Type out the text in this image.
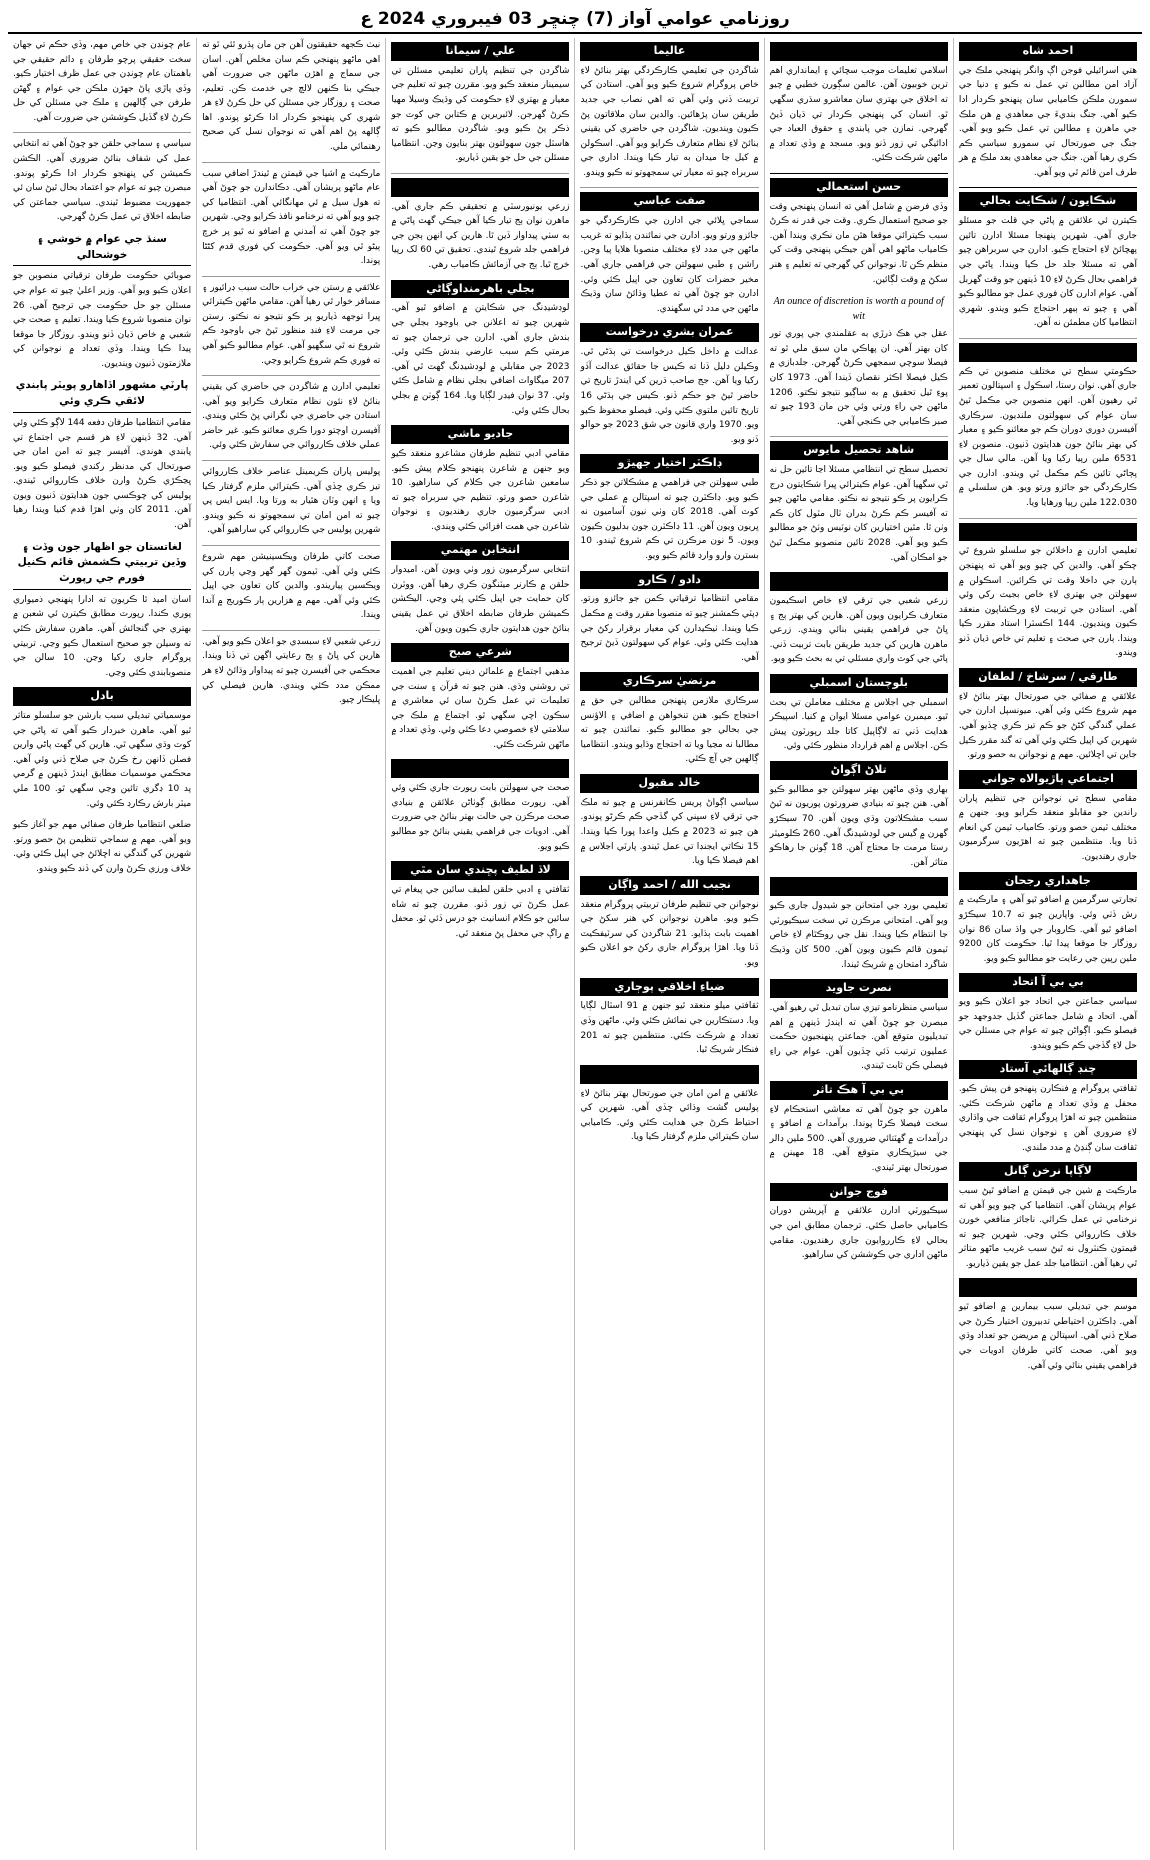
روزنامي عوامي آواز (7) چنڇر 03 فيبروري 2024 ع
احمد شاه
هتي اسرائيلي فوجن اڳ وانگر پنهنجي ملڪ جي آزاد امن مطالبن تي عمل نه ڪيو ۽ دنيا جي سمورن ملڪن ڪاميابي سان پنهنجو ڪردار ادا ڪيو آهي. جنگ بنديءَ جي معاهدي ۾ هن ملڪ جي ماهرن ۽ مطالبن تي عمل ڪيو ويو آهي. جنگ جي صورتحال تي سمورو سياسي ڪم ڪري رهيا آهن. جنگ جي معاهدي بعد ملڪ ۾ هر طرف امن قائم ٿي ويو آهي.
شڪايون / شڪايت بحالي
ڪيترن ئي علائقن ۾ پاڻي جي قلت جو مسئلو جاري آهي. شهرين پنهنجا مسئلا ادارن تائين پهچائڻ لاءِ احتجاج ڪيو. ادارن جي سربراهن چيو آهي ته مسئلا جلد حل ڪيا ويندا. پاڻي جي فراهمي بحال ڪرڻ لاءِ 10 ڏينهن جو وقت گهربل آهي. عوام ادارن کان فوري عمل جو مطالبو ڪيو آهي ۽ چيو ته ٻيهر احتجاج ڪيو ويندو. شهري انتظاميا کان مطمئن نه آهن.

حڪومتي سطح تي مختلف منصوبن تي ڪم جاري آهي. نوان رستا، اسڪول ۽ اسپتالون تعمير ٿي رهيون آهن. انهن منصوبن جي مڪمل ٿيڻ سان عوام کي سهولتون ملنديون. سرڪاري آفيسرن دوري دوران ڪم جو معائنو ڪيو ۽ معيار کي بهتر بنائڻ جون هدايتون ڏنيون. منصوبن لاءِ 6531 ملين رپيا رکيا ويا آهن. مالي سال جي پڄاڻي تائين ڪم مڪمل ٿي ويندو. ادارن جي ڪارڪردگي جو جائزو ورتو ويو. هن سلسلي ۾ 122.030 ملين رپيا ورهايا ويا.

تعليمي ادارن ۾ داخلائن جو سلسلو شروع ٿي چڪو آهي. والدين کي چيو ويو آهي ته پنهنجن ٻارن جي داخلا وقت تي ڪرائين. اسڪولن ۾ سهولتن جي بهتري لاءِ خاص بجيٽ رکي وئي آهي. استادن جي تربيت لاءِ ورڪشاپون منعقد ڪيون وينديون. 144 اڪسٽرا استاد مقرر ڪيا ويندا. ٻارن جي صحت ۽ تعليم تي خاص ڌيان ڏنو ويندو.
طارقي / سرشاخ / لطفان
علائقي ۾ صفائي جي صورتحال بهتر بنائڻ لاءِ مهم شروع ڪئي وئي آهي. ميونسپل ادارن جي عملي گندگي کڻڻ جو ڪم تيز ڪري ڇڏيو آهي. شهرين کي اپيل ڪئي وئي آهي ته گند مقرر ڪيل جاين تي اڇلائين. مهم ۾ نوجوانن به حصو ورتو.
اجتماعي پاڙيوالاه جواني
مقامي سطح تي نوجوانن جي تنظيم پاران راندين جو مقابلو منعقد ڪرايو ويو. جنهن ۾ مختلف ٽيمن حصو ورتو. ڪامياب ٽيمن کي انعام ڏنا ويا. منتظمين چيو ته اهڙيون سرگرميون جاري رهنديون.
جاهداري رجحان
تجارتي سرگرمين ۾ اضافو ٿيو آهي ۽ مارڪيٽ ۾ رش ڏٺي وئي. واپارين چيو ته 10.7 سيڪڙو اضافو ٿيو آهي. ڪاروبار جي واڌ سان 86 نوان روزگار جا موقعا پيدا ٿيا. حڪومت کان 9200 ملين رپين جي رعايت جو مطالبو ڪيو ويو.
بي بي آ اتحاد
سياسي جماعتن جي اتحاد جو اعلان ڪيو ويو آهي. اتحاد ۾ شامل جماعتن گڏيل جدوجهد جو فيصلو ڪيو. اڳواڻن چيو ته عوام جي مسئلن جي حل لاءِ گڏجي ڪم ڪيو ويندو.
چنڊ ڳالهائي آستاد
ثقافتي پروگرام ۾ فنڪارن پنهنجو فن پيش ڪيو. محفل ۾ وڏي تعداد ۾ ماڻهن شرڪت ڪئي. منتظمين چيو ته اهڙا پروگرام ثقافت جي واڌاري لاءِ ضروري آهن ۽ نوجوان نسل کي پنهنجي ثقافت سان ڳنڍڻ ۾ مدد ملندي.
لاڳاپا نرخن ڳانل
مارڪيٽ ۾ شين جي قيمتن ۾ اضافو ٿيڻ سبب عوام پريشان آهي. انتظاميا کي چيو ويو آهي ته نرخنامي تي عمل ڪرائي. ناجائز منافعي خورن خلاف ڪارروائي ڪئي وڃي. شهرين چيو ته قيمتون ڪنٽرول نه ٿيڻ سبب غريب ماڻهو متاثر ٿي رهيا آهن. انتظاميا جلد عمل جو يقين ڏياريو.

موسم جي تبديلي سبب بيمارين ۾ اضافو ٿيو آهي. ڊاڪٽرن احتياطي تدبيرون اختيار ڪرڻ جي صلاح ڏني آهي. اسپتالن ۾ مريضن جو تعداد وڌي ويو آهي. صحت کاتي طرفان ادويات جي فراهمي يقيني بنائي وئي آهي.

اسلامي تعليمات موجب سچائي ۽ ايمانداري اهم ترين خوبيون آهن. عالمن سڳورن خطبي ۾ چيو ته اخلاق جي بهتري سان معاشرو سڌري سگهي ٿو. انسان کي پنهنجي ڪردار تي ڌيان ڏيڻ گهرجي. نمازن جي پابندي ۽ حقوق العباد جي ادائيگي تي زور ڏنو ويو. مسجد ۾ وڏي تعداد ۾ ماڻهن شرڪت ڪئي.
حسن استعمالي
وڏي فرضن ۾ شامل آهي ته انسان پنهنجي وقت جو صحيح استعمال ڪري. وقت جي قدر نه ڪرڻ سبب ڪيترائي موقعا هٿن مان نڪري ويندا آهن. ڪامياب ماڻهو اهي آهن جيڪي پنهنجي وقت کي منظم ڪن ٿا. نوجوانن کي گهرجي ته تعليم ۽ هنر سکڻ ۾ وقت لڳائين.
An ounce of discretion is worth a pound of wit
عقل جي هڪ ذرڙي به عقلمندي جي پوري تور کان بهتر آهي. ان پهاڪي مان سبق ملي ٿو ته فيصلا سوچي سمجهي ڪرڻ گهرجن. جلدبازي ۾ ڪيل فيصلا اڪثر نقصان ڏيندا آهن. 1973 کان پوءِ ٿيل تحقيق ۾ به ساڳيو نتيجو نڪتو. 1206 ماڻهن جي راءِ ورتي وئي جن مان 193 چيو ته صبر ڪاميابي جي ڪنجي آهي.
شاهد تحصيل مايوس
تحصيل سطح تي انتظامي مسئلا اڃا تائين حل نه ٿي سگهيا آهن. عوام ڪيترائي ڀيرا شڪايتون درج ڪرايون پر ڪو نتيجو نه نڪتو. مقامي ماڻهن چيو ته آفيسر ڪم ڪرڻ بدران ٽال مٽول کان ڪم وٺن ٿا. مٿين اختيارين کان نوٽيس وٺڻ جو مطالبو ڪيو ويو آهي. 2028 تائين منصوبو مڪمل ٿيڻ جو امڪان آهي.

زرعي شعبي جي ترقي لاءِ خاص اسڪيمون متعارف ڪرايون ويون آهن. هارين کي بهتر ٻج ۽ ڀاڻ جي فراهمي يقيني بنائي ويندي. زرعي ماهرن هارين کي جديد طريقن بابت تربيت ڏني. پاڻي جي کوٽ واري مسئلي تي به بحث ڪيو ويو.
بلوچستان اسمبلي
اسمبلي جي اجلاس ۾ مختلف معاملن تي بحث ٿيو. ميمبرن عوامي مسئلا ايوان ۾ کنيا. اسپيڪر هدايت ڏني ته لاڳاپيل کاتا جلد رپورٽون پيش ڪن. اجلاس ۾ اهم قرارداد منظور ڪئي وئي.
تلاڻ اڳواڻ
بهاري وڏي ماڻهن بهتر سهولتن جو مطالبو ڪيو آهي. هنن چيو ته بنيادي ضرورتون پوريون نه ٿيڻ سبب مشڪلاتون وڌي ويون آهن. 70 سيڪڙو گهرن ۾ گيس جي لوڊشيڊنگ آهي. 260 ڪلوميٽر رستا مرمت جا محتاج آهن. 18 ڳوٺن جا رهاڪو متاثر آهن.

تعليمي بورڊ جي امتحانن جو شيڊول جاري ڪيو ويو آهي. امتحاني مرڪزن تي سخت سيڪيورٽي جا انتظام ڪيا ويندا. نقل جي روڪٿام لاءِ خاص ٽيمون قائم ڪيون ويون آهن. 500 کان وڌيڪ شاگرد امتحان ۾ شريڪ ٿيندا.
نصرت جاويد
سياسي منظرنامو تيزي سان تبديل ٿي رهيو آهي. مبصرن جو چوڻ آهي ته ايندڙ ڏينهن ۾ اهم تبديليون متوقع آهن. جماعتن پنهنجيون حڪمت عمليون ترتيب ڏئي ڇڏيون آهن. عوام جي راءِ فيصلي ڪن ثابت ٿيندي.
بي بي آ هڪ تاثر
ماهرن جو چوڻ آهي ته معاشي استحڪام لاءِ سخت فيصلا ڪرڻا پوندا. برآمدات ۾ اضافو ۽ درآمدات ۾ گهٽتائي ضروري آهي. 500 ملين ڊالر جي سيڙپڪاري متوقع آهي. 18 مهينن ۾ صورتحال بهتر ٿيندي.
فوج جوانن
سيڪيورٽي ادارن علائقي ۾ آپريشن دوران ڪاميابي حاصل ڪئي. ترجمان مطابق امن جي بحالي لاءِ ڪارروايون جاري رهنديون. مقامي ماڻهن اداري جي ڪوششن کي ساراهيو.
عاليما
شاگردن جي تعليمي ڪارڪردگي بهتر بنائڻ لاءِ خاص پروگرام شروع ڪيو ويو آهي. استادن کي تربيت ڏني وئي آهي ته اهي نصاب جي جديد طريقن سان پڙهائين. والدين سان ملاقاتون پڻ ڪيون وينديون. شاگردن جي حاضري کي يقيني بنائڻ لاءِ نظام متعارف ڪرايو ويو آهي. اسڪولن ۾ کيل جا ميدان به تيار ڪيا ويندا. اداري جي سربراه چيو ته معيار تي سمجهوتو نه ڪيو ويندو.
صفت عباسي
سماجي ڀلائي جي ادارن جي ڪارڪردگي جو جائزو ورتو ويو. ادارن جي نمائندن ٻڌايو ته غريب ماڻهن جي مدد لاءِ مختلف منصوبا هلايا پيا وڃن. راشن ۽ طبي سهولتن جي فراهمي جاري آهي. مخير حضرات کان تعاون جي اپيل ڪئي وئي. ادارن جو چوڻ آهي ته عطيا وڌائڻ سان وڌيڪ ماڻهن جي مدد ٿي سگهندي.
عمران بشري درخواست
عدالت ۾ داخل ڪيل درخواست تي ٻڌڻي ٿي. وڪيلن دليل ڏنا ته ڪيس جا حقائق عدالت آڏو رکيا ويا آهن. جج صاحب ڌرين کي ايندڙ تاريخ تي حاضر ٿيڻ جو حڪم ڏنو. ڪيس جي ٻڌڻي 16 تاريخ تائين ملتوي ڪئي وئي. فيصلو محفوظ ڪيو ويو. 1970 واري قانون جي شق 2023 جو حوالو ڏنو ويو.
ڊاڪٽر اختيار جهيڙو
طبي سهولتن جي فراهمي ۾ مشڪلاتن جو ذڪر ڪيو ويو. ڊاڪٽرن چيو ته اسپتالن ۾ عملي جي کوٽ آهي. 2018 کان وٺي نيون آساميون نه ڀريون ويون آهن. 11 ڊاڪٽرن جون بدليون ڪيون ويون. 5 نون مرڪزن تي ڪم شروع ٿيندو. 10 بسترن وارو وارڊ قائم ڪيو ويو.
دادو / ڪارو
مقامي انتظاميا ترقياتي ڪمن جو جائزو ورتو. ڊپٽي ڪمشنر چيو ته منصوبا مقرر وقت ۾ مڪمل ڪيا ويندا. ٺيڪيدارن کي معيار برقرار رکڻ جي هدايت ڪئي وئي. عوام کي سهولتون ڏيڻ ترجيح آهي.
مرتضيٰ سرڪاري
سرڪاري ملازمن پنهنجن مطالبن جي حق ۾ احتجاج ڪيو. هنن تنخواهن ۾ اضافي ۽ الاؤنس جي بحالي جو مطالبو ڪيو. نمائندن چيو ته مطالبا نه مڃيا ويا ته احتجاج وڌايو ويندو. انتظاميا ڳالهين جي آڇ ڪئي.
خالد مقبول
سياسي اڳواڻ پريس ڪانفرنس ۾ چيو ته ملڪ جي ترقي لاءِ سڀني کي گڏجي ڪم ڪرڻو پوندو. هن چيو ته 2023 ۾ ڪيل واعدا پورا ڪيا ويندا. 15 نڪاتي ايجنڊا تي عمل ٿيندو. پارٽي اجلاس ۾ اهم فيصلا ڪيا ويا.
نجيب الله / احمد واڳان
نوجوانن جي تنظيم طرفان تربيتي پروگرام منعقد ڪيو ويو. ماهرن نوجوانن کي هنر سکڻ جي اهميت بابت ٻڌايو. 21 شاگردن کي سرٽيفڪيٽ ڏنا ويا. اهڙا پروگرام جاري رکڻ جو اعلان ڪيو ويو.
ضياءِ اخلاقي پوڄاري
ثقافتي ميلو منعقد ٿيو جنهن ۾ 91 اسٽال لڳايا ويا. دستڪارين جي نمائش ڪئي وئي. ماڻهن وڏي تعداد ۾ شرڪت ڪئي. منتظمين چيو ته 201 فنڪار شريڪ ٿيا.

علائقي ۾ امن امان جي صورتحال بهتر بنائڻ لاءِ پوليس گشت وڌائي ڇڏي آهي. شهرين کي احتياط ڪرڻ جي هدايت ڪئي وئي. ڪاميابي سان ڪيترائي ملزم گرفتار ڪيا ويا.
علي / سيمانا
شاگردن جي تنظيم پاران تعليمي مسئلن تي سيمينار منعقد ڪيو ويو. مقررن چيو ته تعليم جي معيار ۾ بهتري لاءِ حڪومت کي وڌيڪ وسيلا مهيا ڪرڻ گهرجن. لائبريرين ۾ ڪتابن جي کوٽ جو ذڪر پڻ ڪيو ويو. شاگردن مطالبو ڪيو ته هاسٽل جون سهولتون بهتر بنايون وڃن. انتظاميا مسئلن جي حل جو يقين ڏياريو.

زرعي يونيورسٽي ۾ تحقيقي ڪم جاري آهي. ماهرن نوان ٻج تيار ڪيا آهن جيڪي گهٽ پاڻي ۾ به سٺي پيداوار ڏين ٿا. هارين کي انهن ٻجن جي فراهمي جلد شروع ٿيندي. تحقيق تي 60 لک رپيا خرچ ٿيا. ٻج جي آزمائش ڪامياب رهي.
بجلي باهرمنداوڳاڻي
لوڊشيڊنگ جي شڪايتن ۾ اضافو ٿيو آهي. شهرين چيو ته اعلانن جي باوجود بجلي جي بندش جاري آهي. ادارن جي ترجمان چيو ته مرمتي ڪم سبب عارضي بندش ڪئي وئي. 2023 جي مقابلي ۾ لوڊشيڊنگ گهٽ ٿي آهي. 207 ميگاواٽ اضافي بجلي نظام ۾ شامل ڪئي وئي. 37 نوان فيڊر لڳايا ويا. 164 ڳوٺن ۾ بجلي بحال ڪئي وئي.
جاديو ماشي
مقامي ادبي تنظيم طرفان مشاعرو منعقد ڪيو ويو جنهن ۾ شاعرن پنهنجو ڪلام پيش ڪيو. سامعين شاعرن جي ڪلام کي ساراهيو. 10 شاعرن حصو ورتو. تنظيم جي سربراه چيو ته ادبي سرگرميون جاري رهنديون ۽ نوجوان شاعرن جي همت افزائي ڪئي ويندي.
انتخابن مهتمي
انتخابي سرگرميون زور وٺي ويون آهن. اميدوار حلقن ۾ ڪارنر ميٽنگون ڪري رهيا آهن. ووٽرن کان حمايت جي اپيل ڪئي پئي وڃي. اليڪشن ڪميشن طرفان ضابطه اخلاق تي عمل يقيني بنائڻ جون هدايتون جاري ڪيون ويون آهن.
شرعي صبح
مذهبي اجتماع ۾ علمائن ديني تعليم جي اهميت تي روشني وڌي. هنن چيو ته قرآن ۽ سنت جي تعليمات تي عمل ڪرڻ سان ئي معاشري ۾ سڪون اچي سگهي ٿو. اجتماع ۾ ملڪ جي سلامتي لاءِ خصوصي دعا ڪئي وئي. وڏي تعداد ۾ ماڻهن شرڪت ڪئي.

صحت جي سهولتن بابت رپورٽ جاري ڪئي وئي آهي. رپورٽ مطابق ڳوٺاڻن علائقن ۾ بنيادي صحت مرڪزن جي حالت بهتر بنائڻ جي ضرورت آهي. ادويات جي فراهمي يقيني بنائڻ جو مطالبو ڪيو ويو.
لاڏ لطيف پڇندي سان مٿي
ثقافتي ۽ ادبي حلقن لطيف سائين جي پيغام تي عمل ڪرڻ تي زور ڏنو. مقررن چيو ته شاه سائين جو ڪلام انسانيت جو درس ڏئي ٿو. محفل ۾ راڳ جي محفل پڻ منعقد ٿي.
نيٺ ڪجهه حقيقتون آهن جن مان پڌرو ٿئي ٿو ته اهي ماڻهو پنهنجي ڪم سان مخلص آهن. اسان جي سماج ۾ اهڙن ماڻهن جي ضرورت آهي جيڪي بنا ڪنهن لالچ جي خدمت ڪن. تعليم، صحت ۽ روزگار جي مسئلن کي حل ڪرڻ لاءِ هر شهري کي پنهنجو ڪردار ادا ڪرڻو پوندو. اها ڳالهه پڻ اهم آهي ته نوجوان نسل کي صحيح رهنمائي ملي.
مارڪيٽ ۾ اشيا جي قيمتن ۾ ٿيندڙ اضافي سبب عام ماڻهو پريشان آهي. دڪاندارن جو چوڻ آهي ته هول سيل ۾ ئي مهانگائي آهي. انتظاميا کي چيو ويو آهي ته نرخنامو نافذ ڪرايو وڃي. شهرين جو چوڻ آهي ته آمدني ۾ اضافو نه ٿيو پر خرچ ٻيڻو ٿي ويو آهي. حڪومت کي فوري قدم کڻڻا پوندا.
علائقي ۾ رستن جي خراب حالت سبب ڊرائيور ۽ مسافر خوار ٿي رهيا آهن. مقامي ماڻهن ڪيترائي ڀيرا توجهه ڏياريو پر ڪو نتيجو نه نڪتو. رستن جي مرمت لاءِ فنڊ منظور ٿيڻ جي باوجود ڪم شروع نه ٿي سگهيو آهي. عوام مطالبو ڪيو آهي ته فوري ڪم شروع ڪرايو وڃي.
تعليمي ادارن ۾ شاگردن جي حاضري کي يقيني بنائڻ لاءِ نئون نظام متعارف ڪرايو ويو آهي. استادن جي حاضري جي نگراني پڻ ڪئي ويندي. آفيسرن اوچتو دورا ڪري معائنو ڪيو. غير حاضر عملي خلاف ڪارروائي جي سفارش ڪئي وئي.
پوليس پاران ڪريمينل عناصر خلاف ڪارروائي تيز ڪري ڇڏي آهي. ڪيترائي ملزم گرفتار ڪيا ويا ۽ انهن وٽان هٿيار به ورتا ويا. ايس ايس پي چيو ته امن امان تي سمجهوتو نه ڪيو ويندو. شهرين پوليس جي ڪارروائي کي ساراهيو آهي.
صحت کاتي طرفان ويڪسينيشن مهم شروع ڪئي وئي آهي. ٽيمون گهر گهر وڃي ٻارن کي ويڪسين پياريندو. والدين کان تعاون جي اپيل ڪئي وئي آهي. مهم ۾ هزارين ٻار ڪوريج ۾ آندا ويندا.
زرعي شعبي لاءِ سبسڊي جو اعلان ڪيو ويو آهي. هارين کي ڀاڻ ۽ ٻج رعايتي اگهن تي ڏنا ويندا. محڪمي جي آفيسرن چيو ته پيداوار وڌائڻ لاءِ هر ممڪن مدد ڪئي ويندي. هارين فيصلي کي ڀليڪار چيو.
عام چونڊن جي خاص مهم، وڏي حڪم تي جهان سخت حقيقي پرچو طرفان ۽ دائم حقيقي جي باهمتان عام چونڊن جي عمل ظرف اختيار ڪيو. وڏي پاڙي پاڻ جهڙن ملڪن جي عوام ۽ گهڻن طرفن جي ڳالهين ۽ ملڪ جي مسئلن کي حل ڪرڻ لاءِ گڏيل ڪوششن جي ضرورت آهي.
سياسي ۽ سماجي حلقن جو چوڻ آهي ته انتخابي عمل کي شفاف بنائڻ ضروري آهي. الڪشن ڪميشن کي پنهنجو ڪردار ادا ڪرڻو پوندو. مبصرن چيو ته عوام جو اعتماد بحال ٿيڻ سان ئي جمهوريت مضبوط ٿيندي. سياسي جماعتن کي ضابطه اخلاق تي عمل ڪرڻ گهرجي.
سنڌ جي عوام ۾ خوشي ۽ خوشحالي
صوبائي حڪومت طرفان ترقياتي منصوبن جو اعلان ڪيو ويو آهي. وزير اعليٰ چيو ته عوام جي مسئلن جو حل حڪومت جي ترجيح آهي. 26 نوان منصوبا شروع ڪيا ويندا. تعليم ۽ صحت جي شعبي ۾ خاص ڌيان ڏنو ويندو. روزگار جا موقعا پيدا ڪيا ويندا. وڏي تعداد ۾ نوجوانن کي ملازمتون ڏنيون وينديون.
پارٽي مشهور اڏاهارو پويٽر پابندي لائقي ڪري وئي
مقامي انتظاميا طرفان دفعه 144 لاڳو ڪئي وئي آهي. 32 ڏينهن لاءِ هر قسم جي اجتماع تي پابندي هوندي. آفيسر چيو ته امن امان جي صورتحال کي مدنظر رکندي فيصلو ڪيو ويو. ڀڃڪڙي ڪرڻ وارن خلاف ڪارروائي ٿيندي. پوليس کي چوڪسي جون هدايتون ڏنيون ويون آهن. 2011 کان وٺي اهڙا قدم کنيا ويندا رهيا آهن.
لغاتستان جو اظهار جون وڏت ۽ وڏين تربيتي ڪشمش قائم ڪنيل فورم جي رپورٽ
اسان اميد ٿا ڪريون ته ادارا پنهنجي ذميواري پوري ڪندا. رپورٽ مطابق ڪيترن ئي شعبن ۾ بهتري جي گنجائش آهي. ماهرن سفارش ڪئي ته وسيلن جو صحيح استعمال ڪيو وڃي. تربيتي پروگرام جاري رکيا وڃن. 10 سالن جي منصوبابندي ڪئي وڃي.
بادل
موسمياتي تبديلي سبب بارشن جو سلسلو متاثر ٿيو آهي. ماهرن خبردار ڪيو آهي ته پاڻي جي کوٽ وڌي سگهي ٿي. هارين کي گهٽ پاڻي وارين فصلن ڏانهن رخ ڪرڻ جي صلاح ڏني وئي آهي. محڪمي موسميات مطابق ايندڙ ڏينهن ۾ گرمي پد 10 ڊگري تائين وڃي سگهي ٿو. 100 ملي ميٽر بارش رڪارڊ ڪئي وئي.
ضلعي انتظاميا طرفان صفائي مهم جو آغاز ڪيو ويو آهي. مهم ۾ سماجي تنظيمن پڻ حصو ورتو. شهرين کي گندگي نه اڇلائڻ جي اپيل ڪئي وئي. خلاف ورزي ڪرڻ وارن کي ڏنڊ ڪيو ويندو.
